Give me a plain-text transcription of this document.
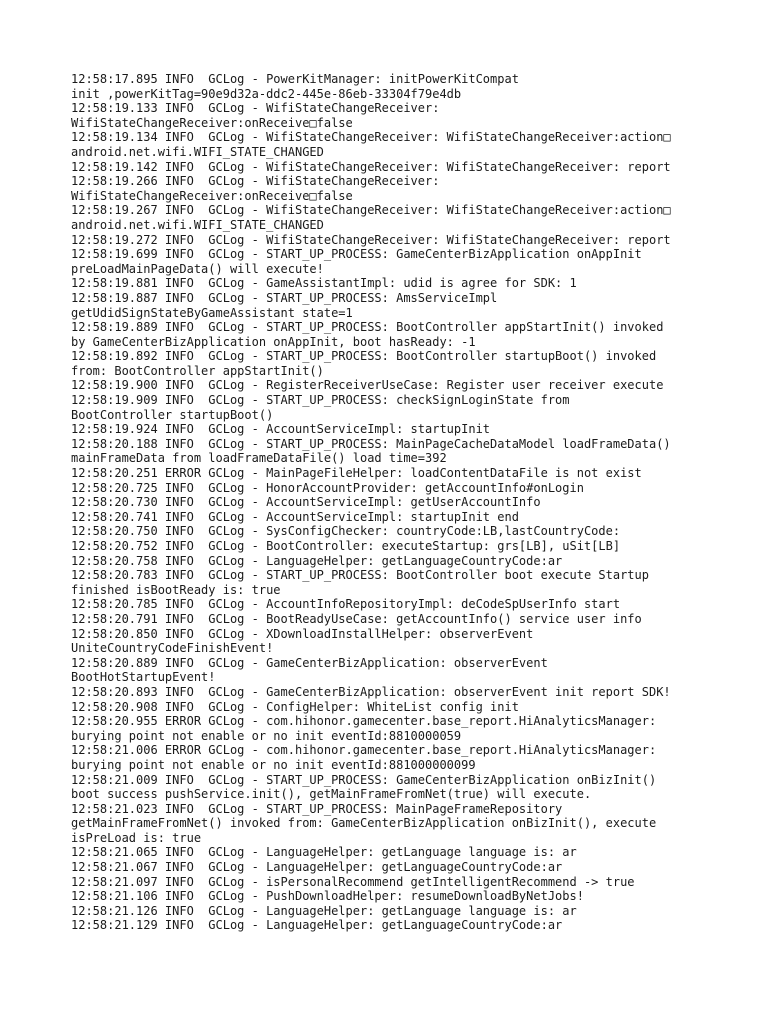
12:58:17.895 INFO  GCLog - PowerKitManager: initPowerKitCompat

init ,powerKitTag=90e9d32a-ddc2-445e-86eb-33304f79e4db

12:58:19.133 INFO  GCLog - WifiStateChangeReceiver:

WifiStateChangeReceiver:onReceive□false

12:58:19.134 INFO  GCLog - WifiStateChangeReceiver: WifiStateChangeReceiver:action□

android.net.wifi.WIFI_STATE_CHANGED

12:58:19.142 INFO  GCLog - WifiStateChangeReceiver: WifiStateChangeReceiver: report

12:58:19.266 INFO  GCLog - WifiStateChangeReceiver:

WifiStateChangeReceiver:onReceive□false

12:58:19.267 INFO  GCLog - WifiStateChangeReceiver: WifiStateChangeReceiver:action□

android.net.wifi.WIFI_STATE_CHANGED

12:58:19.272 INFO  GCLog - WifiStateChangeReceiver: WifiStateChangeReceiver: report

12:58:19.699 INFO  GCLog - START_UP_PROCESS: GameCenterBizApplication onAppInit

preLoadMainPageData() will execute!

12:58:19.881 INFO  GCLog - GameAssistantImpl: udid is agree for SDK: 1

12:58:19.887 INFO  GCLog - START_UP_PROCESS: AmsServiceImpl

getUdidSignStateByGameAssistant state=1

12:58:19.889 INFO  GCLog - START_UP_PROCESS: BootController appStartInit() invoked

by GameCenterBizApplication onAppInit, boot hasReady: -1

12:58:19.892 INFO  GCLog - START_UP_PROCESS: BootController startupBoot() invoked

from: BootController appStartInit()

12:58:19.900 INFO  GCLog - RegisterReceiverUseCase: Register user receiver execute

12:58:19.909 INFO  GCLog - START_UP_PROCESS: checkSignLoginState from

BootController startupBoot()

12:58:19.924 INFO  GCLog - AccountServiceImpl: startupInit

12:58:20.188 INFO  GCLog - START_UP_PROCESS: MainPageCacheDataModel loadFrameData()

mainFrameData from loadFrameDataFile() load time=392

12:58:20.251 ERROR GCLog - MainPageFileHelper: loadContentDataFile is not exist

12:58:20.725 INFO  GCLog - HonorAccountProvider: getAccountInfo#onLogin

12:58:20.730 INFO  GCLog - AccountServiceImpl: getUserAccountInfo

12:58:20.741 INFO  GCLog - AccountServiceImpl: startupInit end

12:58:20.750 INFO  GCLog - SysConfigChecker: countryCode:LB,lastCountryCode:

12:58:20.752 INFO  GCLog - BootController: executeStartup: grs[LB], uSit[LB]

12:58:20.758 INFO  GCLog - LanguageHelper: getLanguageCountryCode:ar

12:58:20.783 INFO  GCLog - START_UP_PROCESS: BootController boot execute Startup

finished isBootReady is: true

12:58:20.785 INFO  GCLog - AccountInfoRepositoryImpl: deCodeSpUserInfo start

12:58:20.791 INFO  GCLog - BootReadyUseCase: getAccountInfo() service user info

12:58:20.850 INFO  GCLog - XDownloadInstallHelper: observerEvent

UniteCountryCodeFinishEvent!

12:58:20.889 INFO  GCLog - GameCenterBizApplication: observerEvent

BootHotStartupEvent!

12:58:20.893 INFO  GCLog - GameCenterBizApplication: observerEvent init report SDK!

12:58:20.908 INFO  GCLog - ConfigHelper: WhiteList config init

12:58:20.955 ERROR GCLog - com.hihonor.gamecenter.base_report.HiAnalyticsManager:

burying point not enable or no init eventId:8810000059

12:58:21.006 ERROR GCLog - com.hihonor.gamecenter.base_report.HiAnalyticsManager:

burying point not enable or no init eventId:881000000099

12:58:21.009 INFO  GCLog - START_UP_PROCESS: GameCenterBizApplication onBizInit()

boot success pushService.init(), getMainFrameFromNet(true) will execute.

12:58:21.023 INFO  GCLog - START_UP_PROCESS: MainPageFrameRepository

getMainFrameFromNet() invoked from: GameCenterBizApplication onBizInit(), execute

isPreLoad is: true

12:58:21.065 INFO  GCLog - LanguageHelper: getLanguage language is: ar

12:58:21.067 INFO  GCLog - LanguageHelper: getLanguageCountryCode:ar

12:58:21.097 INFO  GCLog - isPersonalRecommend getIntelligentRecommend -> true

12:58:21.106 INFO  GCLog - PushDownloadHelper: resumeDownloadByNetJobs!

12:58:21.126 INFO  GCLog - LanguageHelper: getLanguage language is: ar

12:58:21.129 INFO  GCLog - LanguageHelper: getLanguageCountryCode:ar
